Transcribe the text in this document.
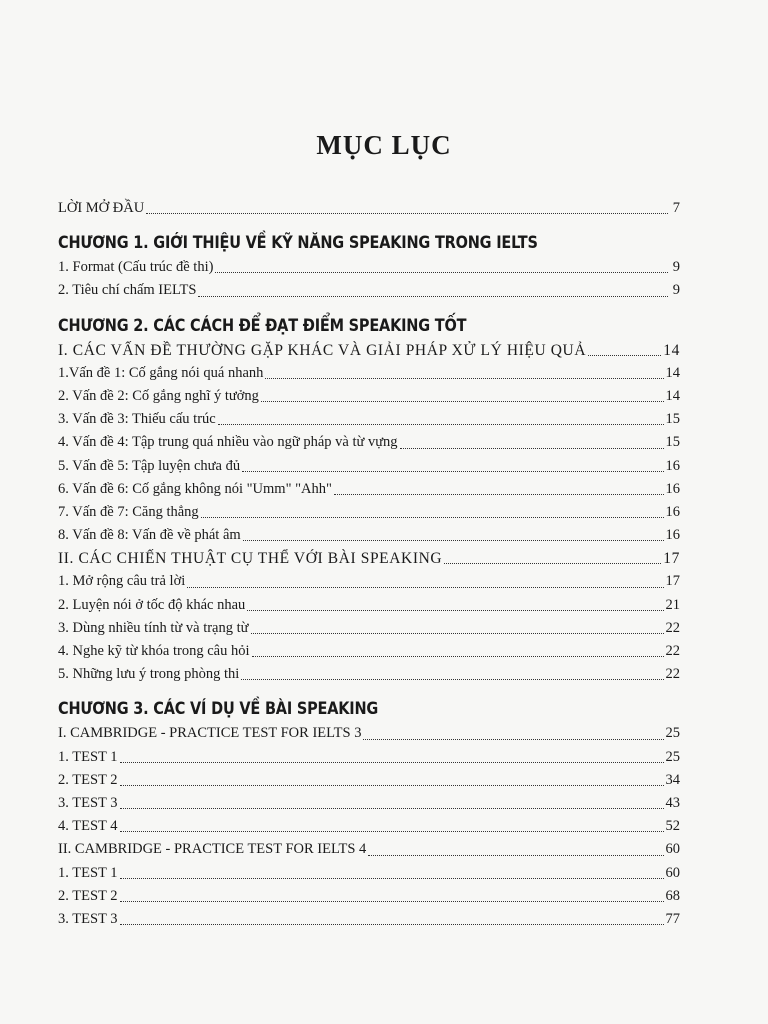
MỤC LỤC
LỜI MỞ ĐẦU	7
CHƯƠNG 1. GIỚI THIỆU VỀ KỸ NĂNG SPEAKING TRONG IELTS
1. Format (Cấu trúc đề thi)	9
2. Tiêu chí chấm IELTS	9
CHƯƠNG 2. CÁC CÁCH ĐỂ ĐẠT ĐIỂM SPEAKING TỐT
I. CÁC VẤN ĐỀ THƯỜNG GẶP KHÁC VÀ GIẢI PHÁP XỬ LÝ HIỆU QUẢ	14
1.Vấn đề 1: Cố gắng nói quá nhanh	14
2. Vấn đề 2: Cố gắng nghĩ ý tưởng	14
3. Vấn đề 3: Thiếu cấu trúc	15
4. Vấn đề 4: Tập trung quá nhiều vào ngữ pháp và từ vựng	15
5. Vấn đề 5: Tập luyện chưa đủ	16
6. Vấn đề 6: Cố gắng không nói "Umm" "Ahh"	16
7. Vấn đề 7: Căng thẳng	16
8. Vấn đề 8: Vấn đề về phát âm	16
II. CÁC CHIẾN THUẬT CỤ THỂ VỚI BÀI SPEAKING	17
1. Mở rộng câu trả lời	17
2. Luyện nói ở tốc độ khác nhau	21
3. Dùng nhiều tính từ và trạng từ	22
4. Nghe kỹ từ khóa trong câu hỏi	22
5. Những lưu ý trong phòng thi	22
CHƯƠNG 3. CÁC VÍ DỤ VỀ BÀI SPEAKING
I. CAMBRIDGE - PRACTICE TEST FOR IELTS 3	25
1. TEST 1	25
2. TEST 2	34
3. TEST 3	43
4. TEST 4	52
II. CAMBRIDGE - PRACTICE TEST FOR IELTS 4	60
1. TEST 1	60
2. TEST 2	68
3. TEST 3	77
